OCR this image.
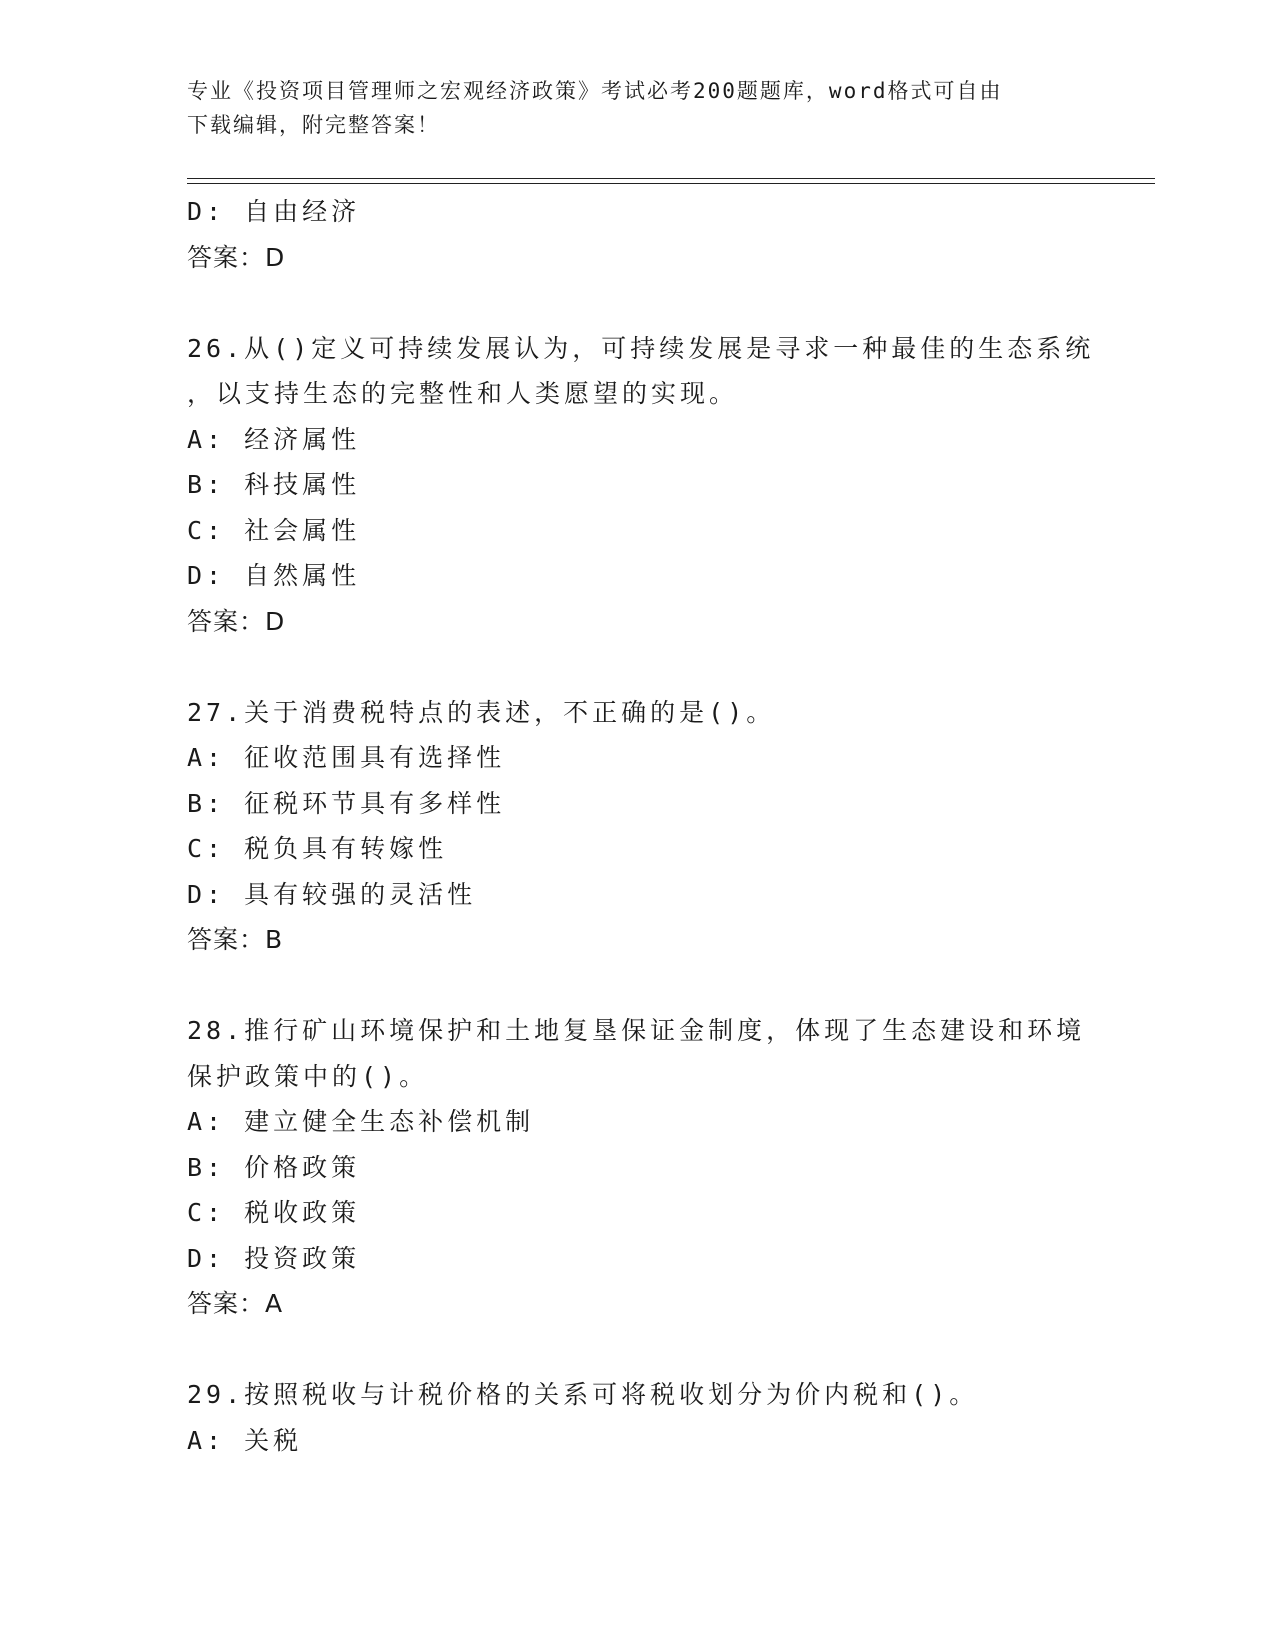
专业《投资项目管理师之宏观经济政策》考试必考200题题库，word格式可自由
下载编辑，附完整答案！
D: 自由经济
答案：D
26.从()定义可持续发展认为，可持续发展是寻求一种最佳的生态系统
，以支持生态的完整性和人类愿望的实现。
A: 经济属性
B: 科技属性
C: 社会属性
D: 自然属性
答案：D
27.关于消费税特点的表述，不正确的是()。
A: 征收范围具有选择性
B: 征税环节具有多样性
C: 税负具有转嫁性
D: 具有较强的灵活性
答案：B
28.推行矿山环境保护和土地复垦保证金制度，体现了生态建设和环境
保护政策中的()。
A: 建立健全生态补偿机制
B: 价格政策
C: 税收政策
D: 投资政策
答案：A
29.按照税收与计税价格的关系可将税收划分为价内税和()。
A: 关税
